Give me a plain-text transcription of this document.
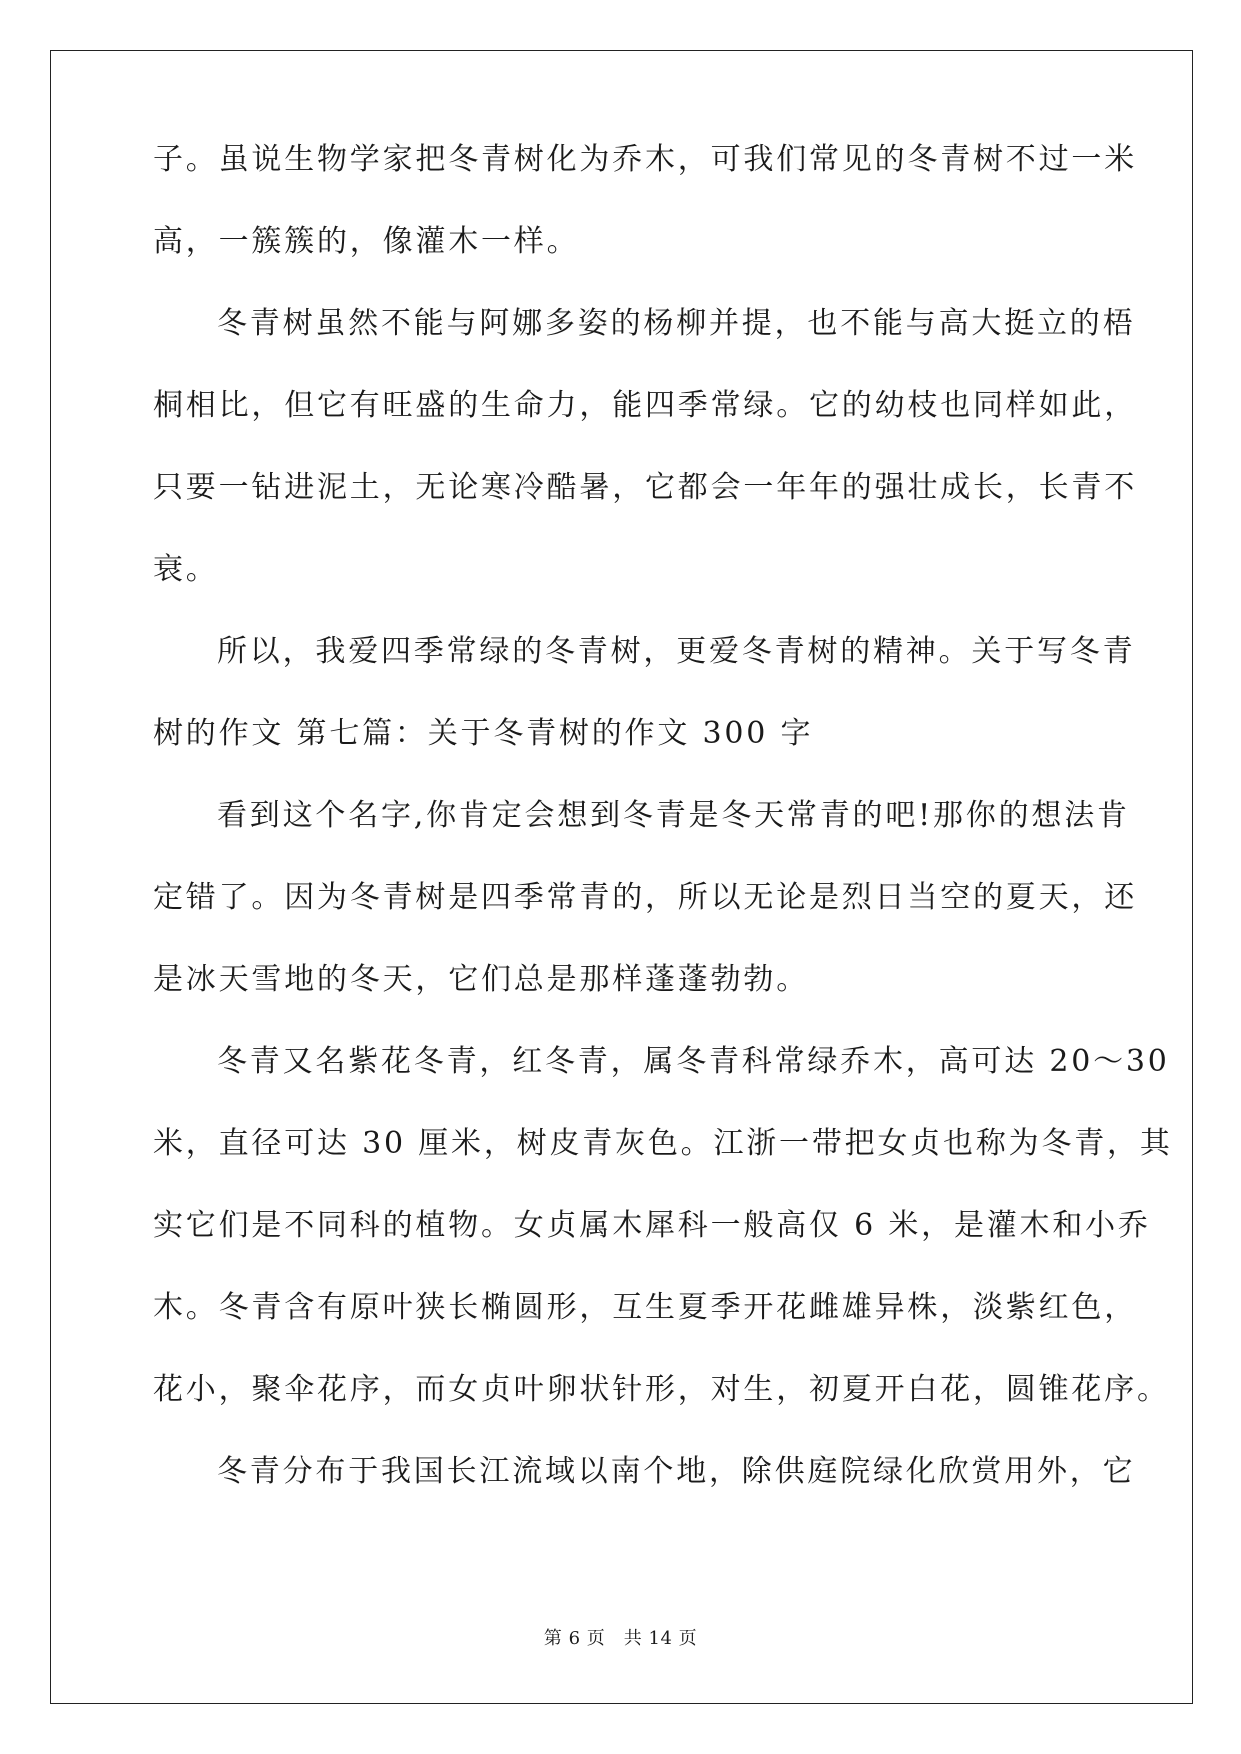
子。虽说生物学家把冬青树化为乔木，可我们常见的冬青树不过一米
高，一簇簇的，像灌木一样。
冬青树虽然不能与阿娜多姿的杨柳并提，也不能与高大挺立的梧
桐相比，但它有旺盛的生命力，能四季常绿。它的幼枝也同样如此，
只要一钻进泥土，无论寒冷酷暑，它都会一年年的强壮成长，长青不
衰。
所以，我爱四季常绿的冬青树，更爱冬青树的精神。关于写冬青
树的作文 第七篇：关于冬青树的作文 300 字
看到这个名字,你肯定会想到冬青是冬天常青的吧!那你的想法肯
定错了。因为冬青树是四季常青的，所以无论是烈日当空的夏天，还
是冰天雪地的冬天，它们总是那样蓬蓬勃勃。
冬青又名紫花冬青，红冬青，属冬青科常绿乔木，高可达 20～30
米，直径可达 30 厘米，树皮青灰色。江浙一带把女贞也称为冬青，其
实它们是不同科的植物。女贞属木犀科一般高仅 6 米，是灌木和小乔
木。冬青含有原叶狭长椭圆形，互生夏季开花雌雄异株，淡紫红色，
花小，聚伞花序，而女贞叶卵状针形，对生，初夏开白花，圆锥花序。
冬青分布于我国长江流域以南个地，除供庭院绿化欣赏用外，它
第 6 页　共 14 页
